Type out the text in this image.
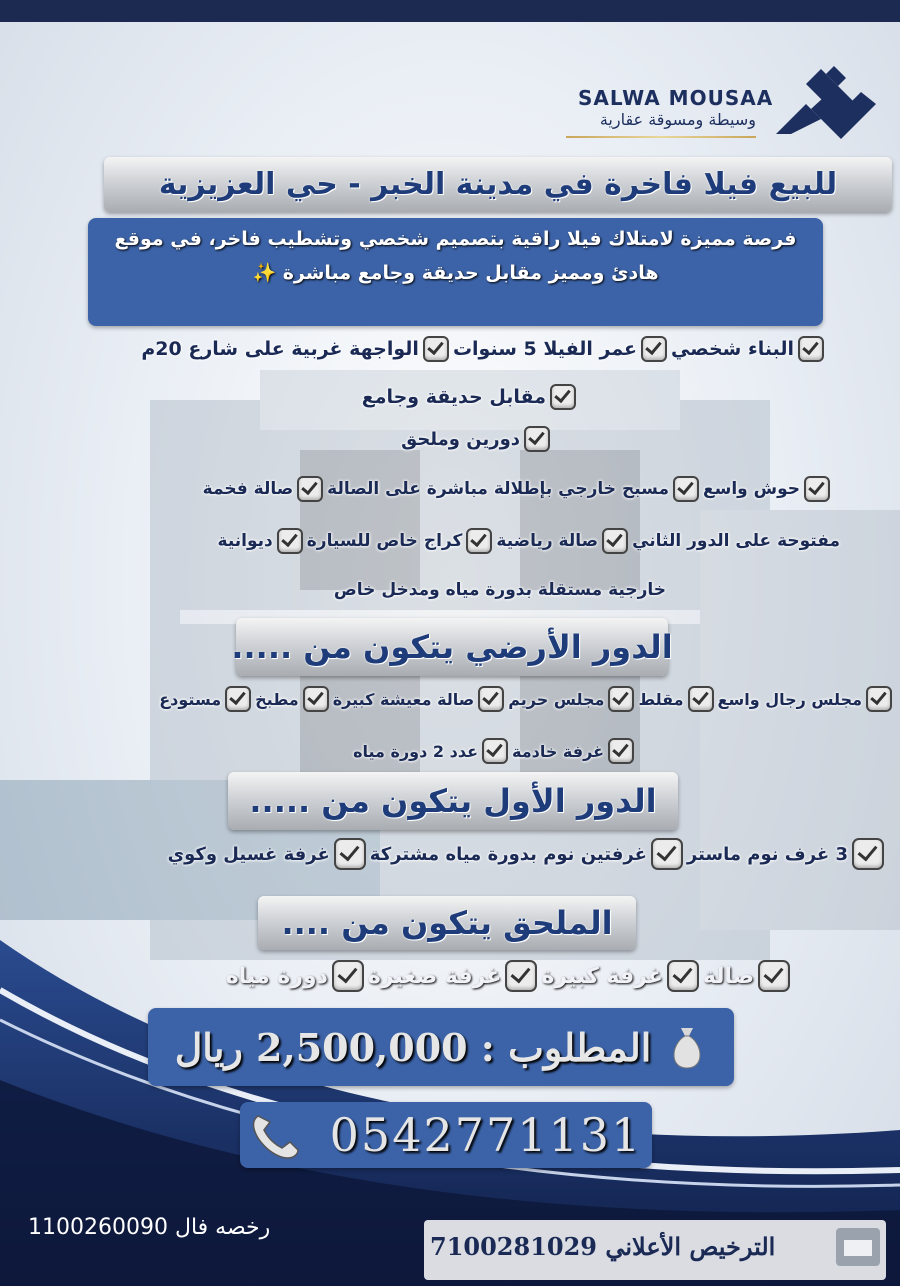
SALWA MOUSAA
وسيطة ومسوقة عقارية
للبيع فيلا فاخرة في مدينة الخبر - حي العزيزية
فرصة مميزة لامتلاك فيلا راقية بتصميم شخصي وتشطيب فاخر، في موقع
هادئ ومميز مقابل حديقة وجامع مباشرة ✨
البناء شخصي
عمر الفيلا 5 سنوات
الواجهة غربية على شارع 20م
مقابل حديقة وجامع
دورين وملحق
حوش واسع
مسبح خارجي بإطلالة مباشرة على الصالة
صالة فخمة
مفتوحة على الدور الثاني
صالة رياضية
كراج خاص للسيارة
ديوانية
خارجية مستقلة بدورة مياه ومدخل خاص
الدور الأرضي يتكون من .....
مجلس رجال واسع
مقلط
مجلس حريم
صالة معيشة كبيرة
مطبخ
مستودع
غرفة خادمة
عدد 2 دورة مياه
الدور الأول يتكون من .....
3 غرف نوم ماستر
غرفتين نوم بدورة مياه مشتركة
غرفة غسيل وكوي
الملحق يتكون من ....
صالة
غرفة كبيرة
غرفة صغيرة
دورة مياه
المطلوب : 2,500,000 ريال
0542771131
رخصه فال 1100260090
الترخيص الأعلاني 7100281029
